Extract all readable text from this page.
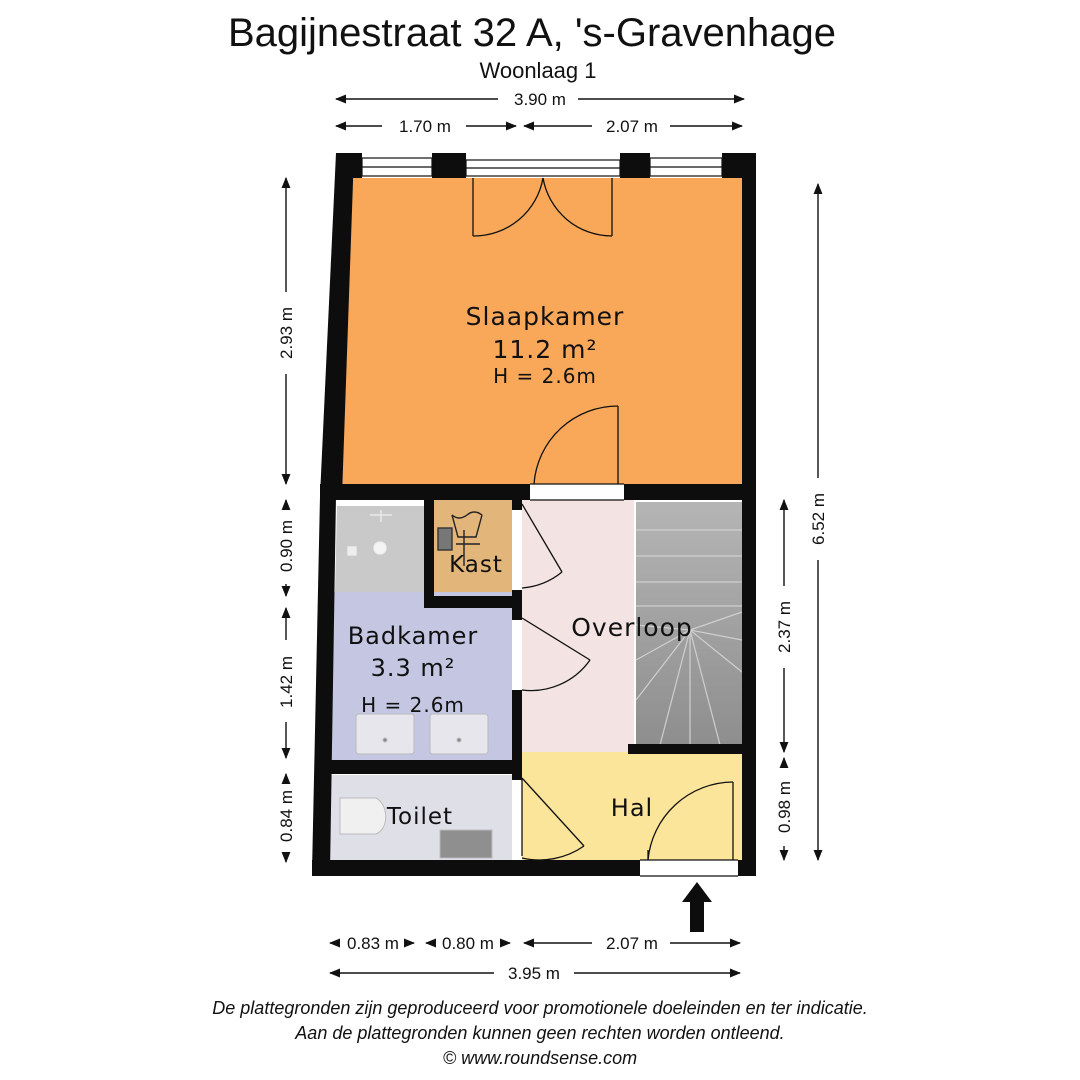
Bagijnestraat 32 A, 's-Gravenhage
Woonlaag 1
Slaapkamer
11.2 m²
H = 2.6m
Kast
Badkamer
3.3 m²
H = 2.6m
Overloop
Hal
Toilet
3.90 m
1.70 m	2.07 m
2.93 m
0.90 m
1.42 m
0.84 m
6.52 m
2.37 m
0.98 m
0.83 m	0.80 m	2.07 m
3.95 m
De plattegronden zijn geproduceerd voor promotionele doeleinden en ter indicatie.
Aan de plattegronden kunnen geen rechten worden ontleend.
© www.roundsense.com
